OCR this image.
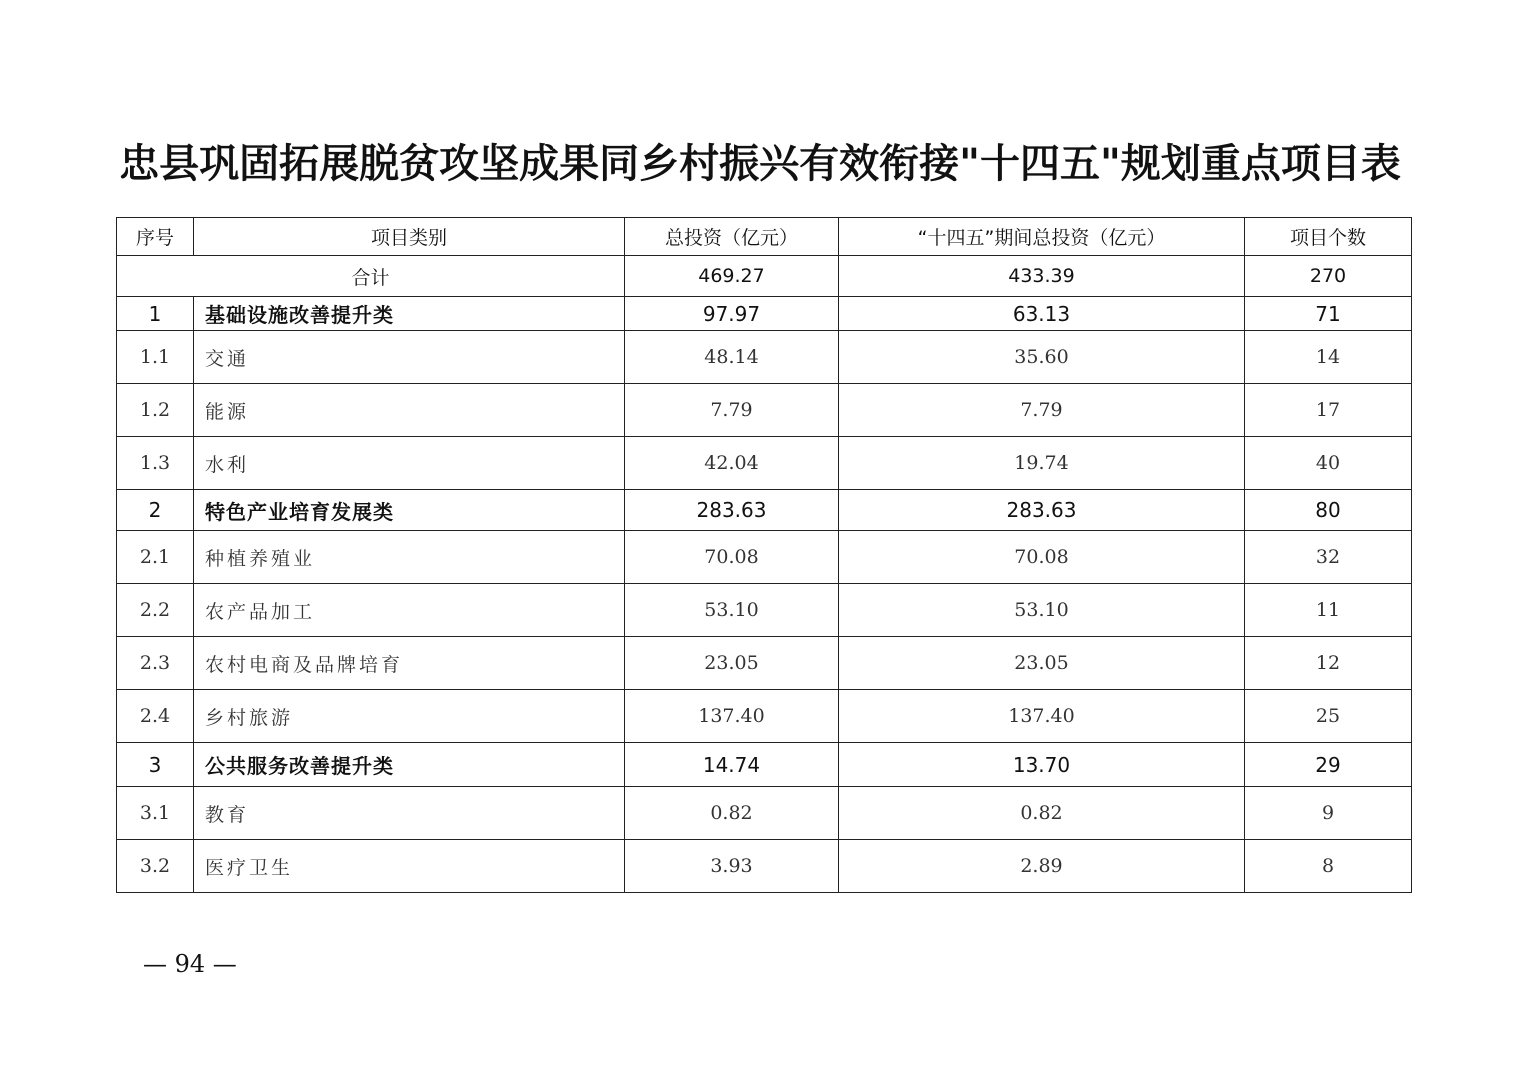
忠县巩固拓展脱贫攻坚成果同乡村振兴有效衔接"十四五"规划重点项目表
序号	项目类别	总投资（亿元）	“十四五”期间总投资（亿元）	项目个数
合计		469.27	433.39	270
1	基础设施改善提升类	97.97	63.13	71
1.1	交通	48.14	35.60	14
1.2	能源	7.79	7.79	17
1.3	水利	42.04	19.74	40
2	特色产业培育发展类	283.63	283.63	80
2.1	种植养殖业	70.08	70.08	32
2.2	农产品加工	53.10	53.10	11
2.3	农村电商及品牌培育	23.05	23.05	12
2.4	乡村旅游	137.40	137.40	25
3	公共服务改善提升类	14.74	13.70	29
3.1	教育	0.82	0.82	9
3.2	医疗卫生	3.93	2.89	8
— 94 —
